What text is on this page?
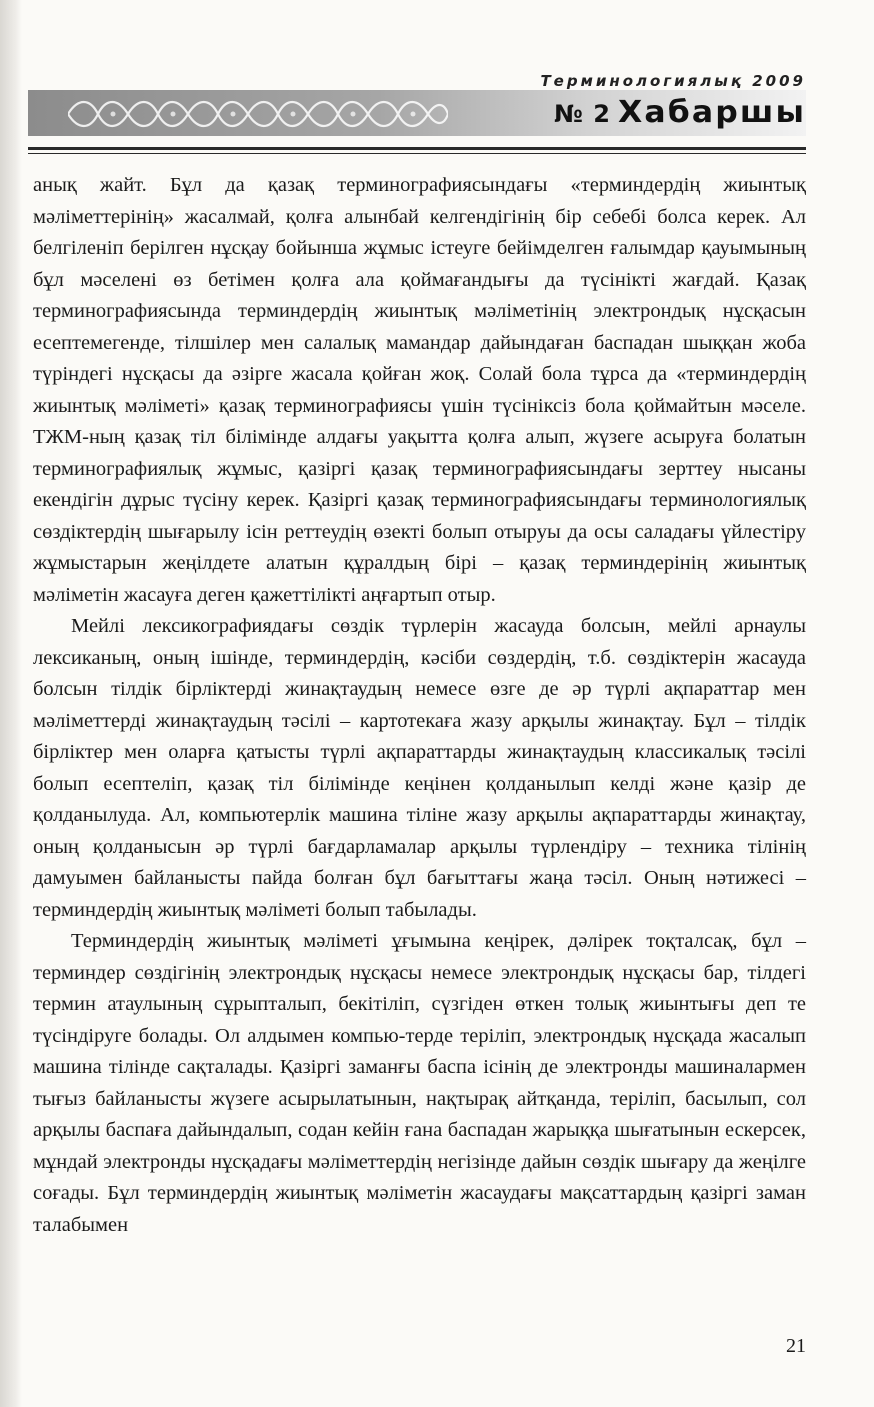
Терминологиялық 2009
№ 2 Хабаршы

анық жайт. Бұл да қазақ терминографиясындағы «терминдердің жиынтық мәліметтерінің» жасалмай, қолға алынбай келгендігінің бір себебі болса керек. Ал белгіленіп берілген нұсқау бойынша жұмыс істеуге бейімделген ғалымдар қауымының бұл мәселені өз бетімен қолға ала қоймағандығы да түсінікті жағдай. Қазақ терминографиясында терминдердің жиынтық мәліметінің электрондық нұсқасын есептемегенде, тілшілер мен салалық мамандар дайындаған баспадан шыққан жоба түріндегі нұсқасы да әзірге жасала қойған жоқ. Солай бола тұрса да «терминдердің жиынтық мәліметі» қазақ терминографиясы үшін түсініксіз бола қоймайтын мәселе. ТЖМ-ның қазақ тіл білімінде алдағы уақытта қолға алып, жүзеге асыруға болатын терминографиялық жұмыс, қазіргі қазақ терминографиясындағы зерттеу нысаны екендігін дұрыс түсіну керек. Қазіргі қазақ терминографиясындағы терминологиялық сөздіктердің шығарылу ісін реттеудің өзекті болып отыруы да осы саладағы үйлестіру жұмыстарын жеңілдете алатын құралдың бірі – қазақ терминдерінің жиынтық мәліметін жасауға деген қажеттілікті аңғартып отыр.

Мейлі лексикографиядағы сөздік түрлерін жасауда болсын, мейлі арнаулы лексиканың, оның ішінде, терминдердің, кәсіби сөздердің, т.б. сөздіктерін жасауда болсын тілдік бірліктерді жинақтаудың немесе өзге де әр түрлі ақпараттар мен мәліметтерді жинақтаудың тәсілі – картотекаға жазу арқылы жинақтау. Бұл – тілдік бірліктер мен оларға қатысты түрлі ақпараттарды жинақтаудың классикалық тәсілі болып есептеліп, қазақ тіл білімінде кеңінен қолданылып келді және қазір де қолданылуда. Ал, компьютерлік машина тіліне жазу арқылы ақпараттарды жинақтау, оның қолданысын әр түрлі бағдарламалар арқылы түрлендіру – техника тілінің дамуымен байланысты пайда болған бұл бағыттағы жаңа тәсіл. Оның нәтижесі – терминдердің жиынтық мәліметі болып табылады.

Терминдердің жиынтық мәліметі ұғымына кеңірек, дәлірек тоқталсақ, бұл – терминдер сөздігінің электрондық нұсқасы немесе электрондық нұсқасы бар, тілдегі термин атаулының сұрыпталып, бекітіліп, сүзгіден өткен толық жиынтығы деп те түсіндіруге болады. Ол алдымен компью-терде теріліп, электрондық нұсқада жасалып машина тілінде сақталады. Қазіргі заманғы баспа ісінің де электронды машиналармен тығыз байланысты жүзеге асырылатынын, нақтырақ айтқанда, теріліп, басылып, сол арқылы баспаға дайындалып, содан кейін ғана баспадан жарыққа шығатынын ескерсек, мұндай электронды нұсқадағы мәліметтердің негізінде дайын сөздік шығару да жеңілге соғады. Бұл терминдердің жиынтық мәліметін жасаудағы мақсаттардың қазіргі заман талабымен

21
